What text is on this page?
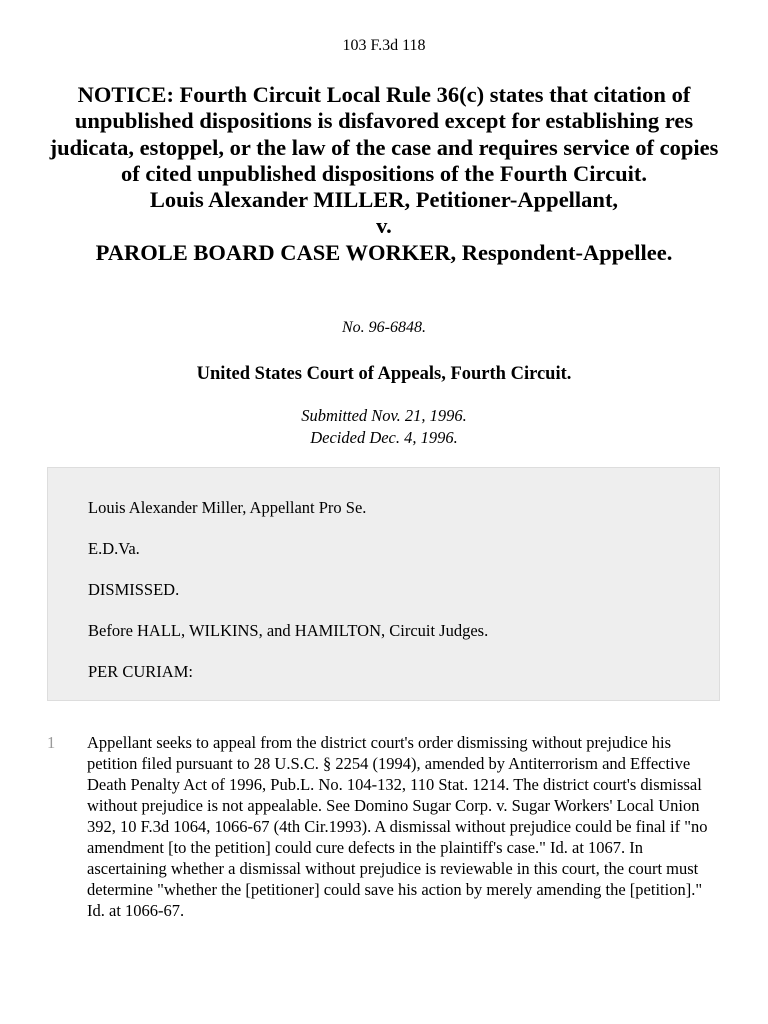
103 F.3d 118
NOTICE: Fourth Circuit Local Rule 36(c) states that citation of unpublished dispositions is disfavored except for establishing res judicata, estoppel, or the law of the case and requires service of copies of cited unpublished dispositions of the Fourth Circuit.
Louis Alexander MILLER, Petitioner-Appellant,
v.
PAROLE BOARD CASE WORKER, Respondent-Appellee.
No. 96-6848.
United States Court of Appeals, Fourth Circuit.
Submitted Nov. 21, 1996.
Decided Dec. 4, 1996.
Louis Alexander Miller, Appellant Pro Se.
E.D.Va.
DISMISSED.
Before HALL, WILKINS, and HAMILTON, Circuit Judges.
PER CURIAM:
1 Appellant seeks to appeal from the district court's order dismissing without prejudice his petition filed pursuant to 28 U.S.C. § 2254 (1994), amended by Antiterrorism and Effective Death Penalty Act of 1996, Pub.L. No. 104-132, 110 Stat. 1214. The district court's dismissal without prejudice is not appealable. See Domino Sugar Corp. v. Sugar Workers' Local Union 392, 10 F.3d 1064, 1066-67 (4th Cir.1993). A dismissal without prejudice could be final if "no amendment [to the petition] could cure defects in the plaintiff's case." Id. at 1067. In ascertaining whether a dismissal without prejudice is reviewable in this court, the court must determine "whether the [petitioner] could save his action by merely amending the [petition]." Id. at 1066-67.
